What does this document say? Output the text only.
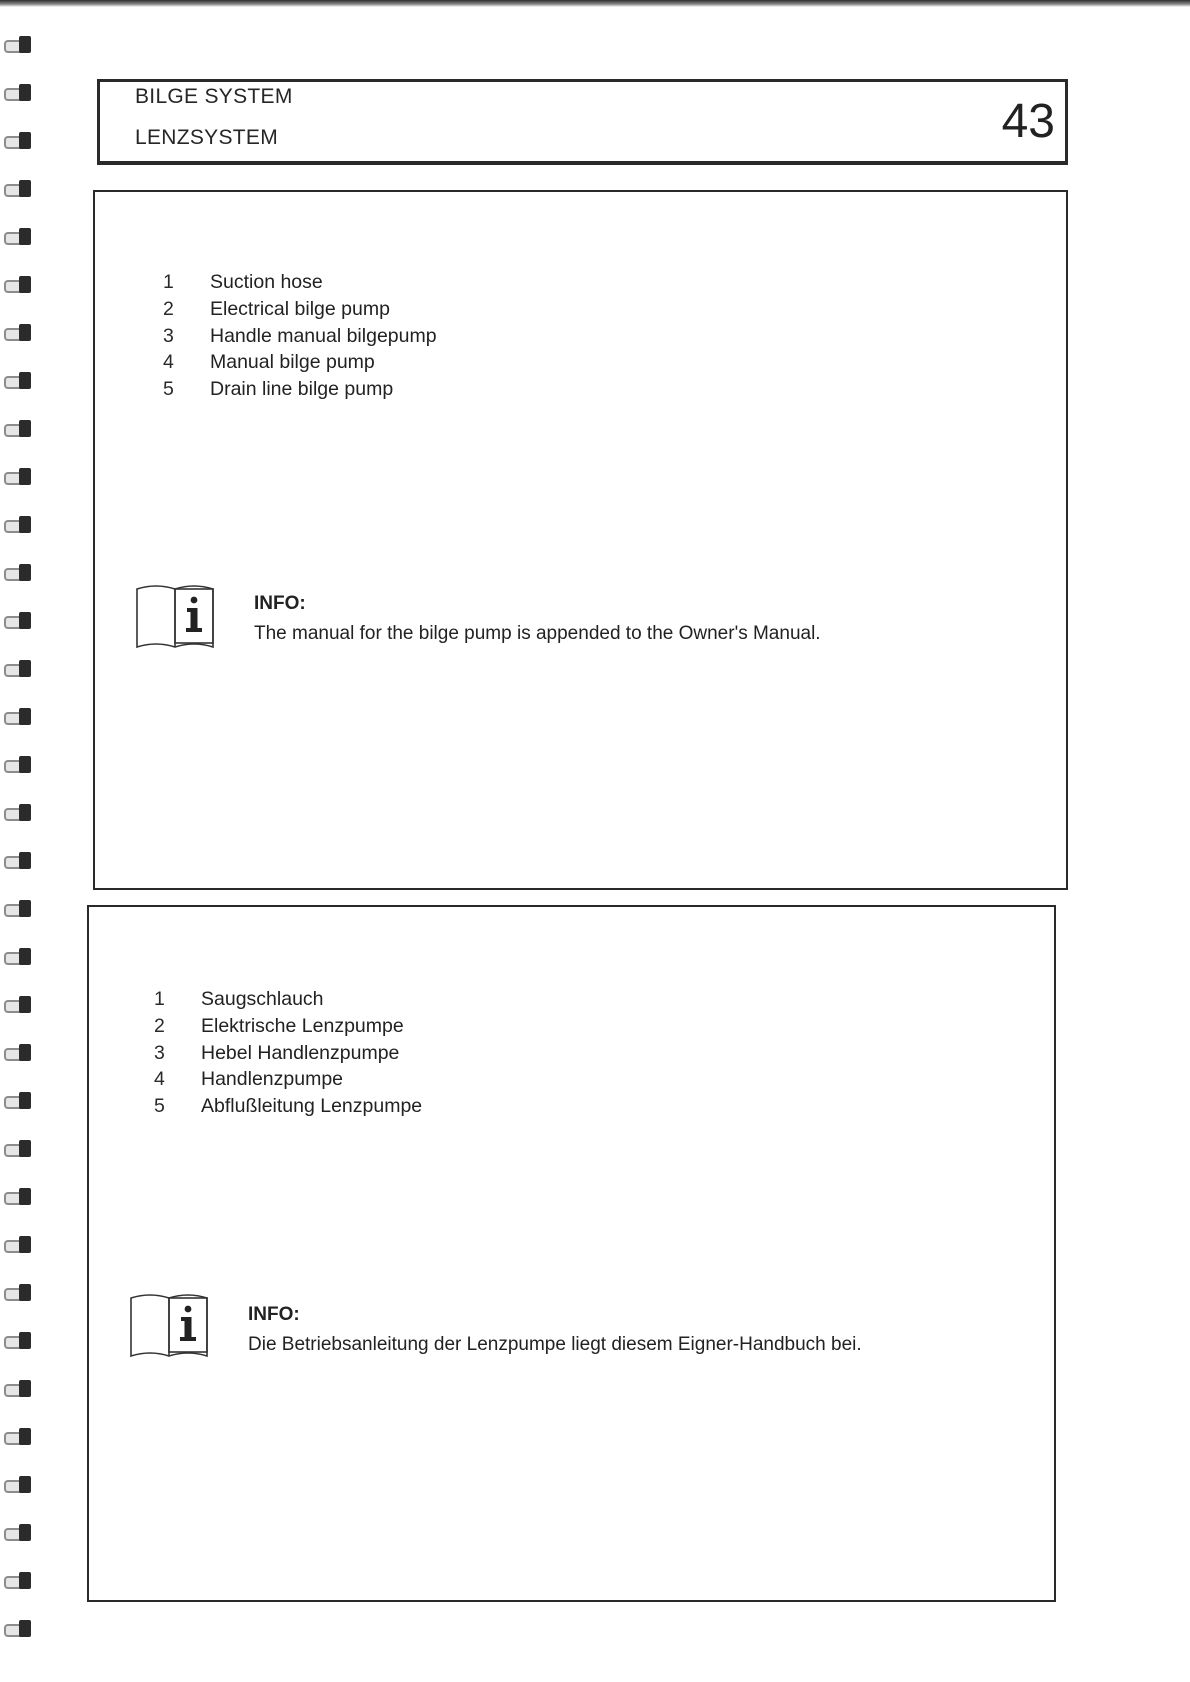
BILGE SYSTEM
LENZSYSTEM	43
1	Suction hose
2	Electrical bilge pump
3	Handle manual bilgepump
4	Manual bilge pump
5	Drain line bilge pump
INFO:
The manual for the bilge pump is appended to the Owner's Manual.
1	Saugschlauch
2	Elektrische Lenzpumpe
3	Hebel Handlenzpumpe
4	Handlenzpumpe
5	Abflußleitung Lenzpumpe
INFO:
Die Betriebsanleitung der Lenzpumpe liegt diesem Eigner-Handbuch bei.
